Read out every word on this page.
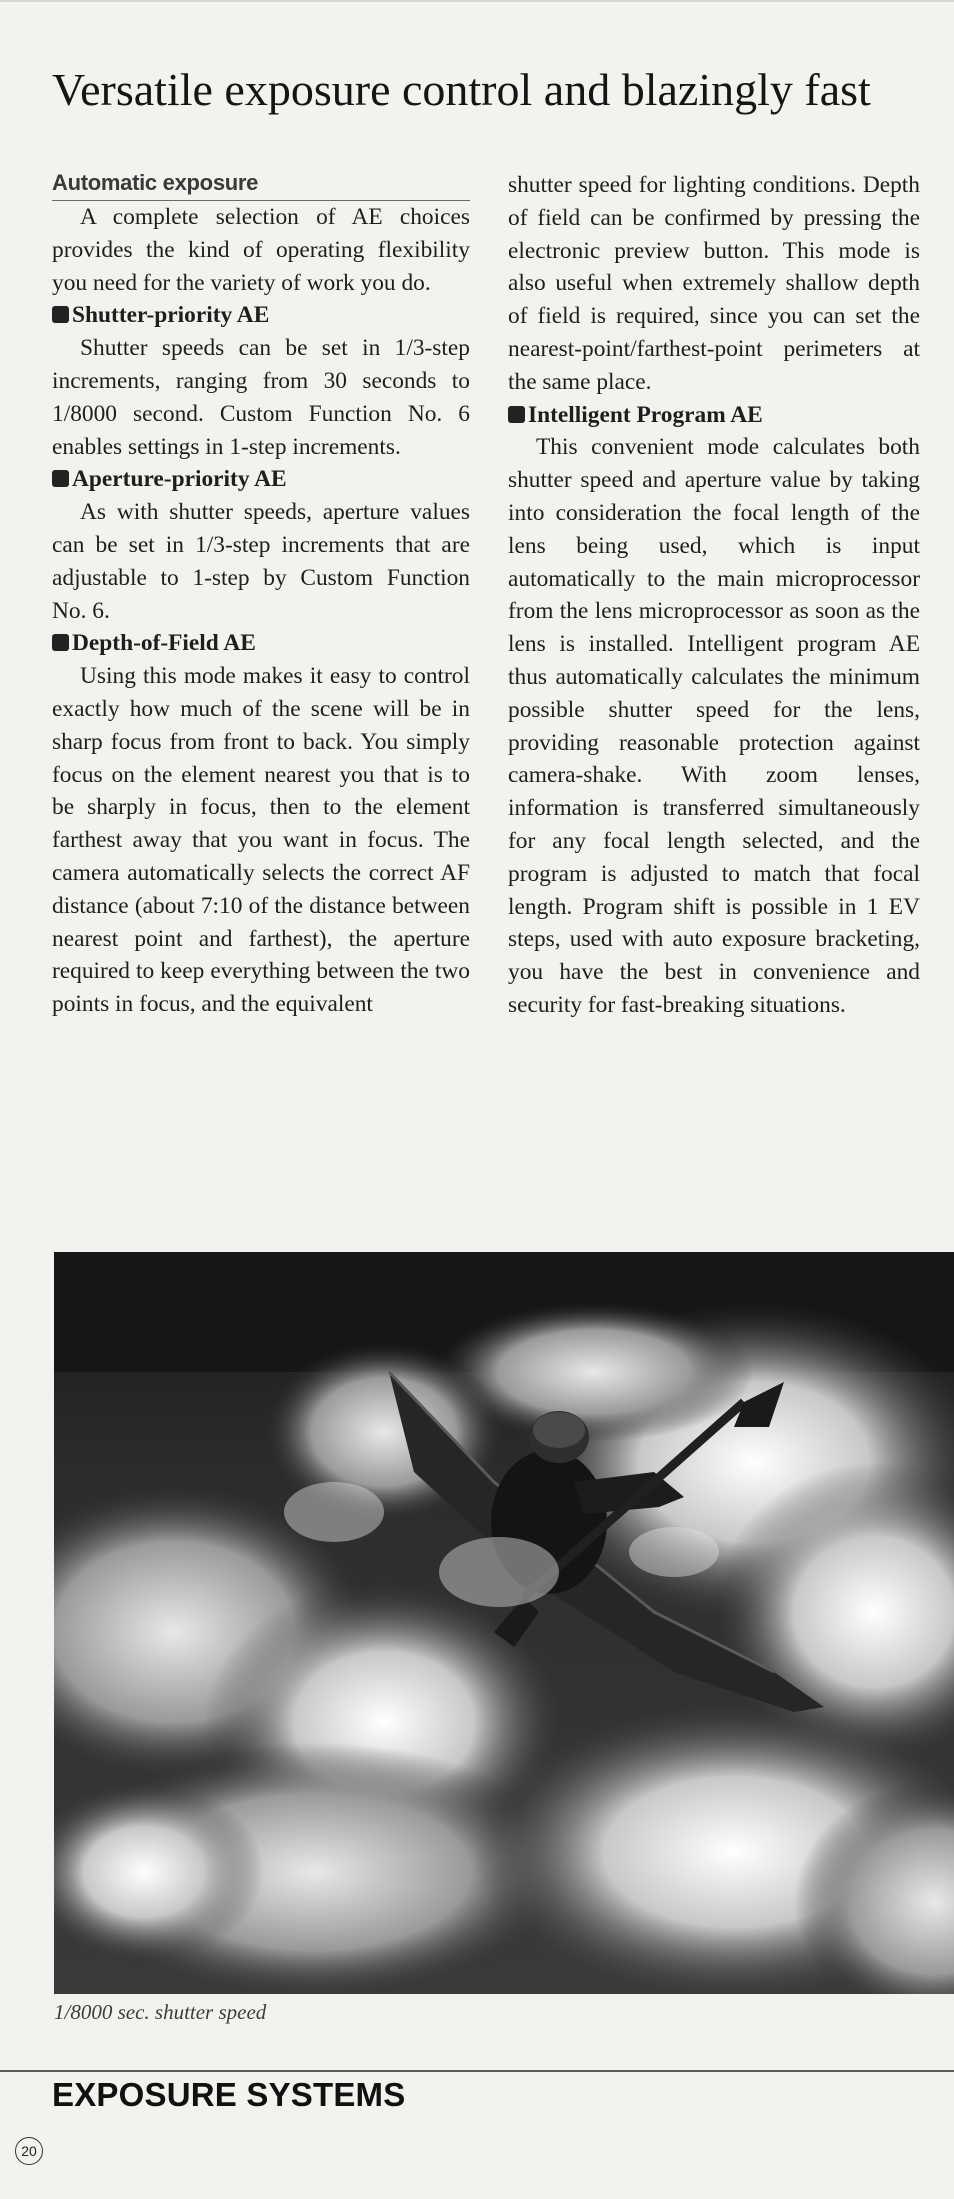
Versatile exposure control and blazingly fast
Automatic exposure

A complete selection of AE choices provides the kind of operating flexibility you need for the variety of work you do.

Shutter-priority AE

Shutter speeds can be set in 1/3-step increments, ranging from 30 seconds to 1/8000 second. Custom Function No. 6 enables settings in 1-step increments.

Aperture-priority AE

As with shutter speeds, aperture values can be set in 1/3-step increments that are adjustable to 1-step by Custom Function No. 6.

Depth-of-Field AE

Using this mode makes it easy to control exactly how much of the scene will be in sharp focus from front to back. You simply focus on the element nearest you that is to be sharply in focus, then to the element farthest away that you want in focus. The camera automatically selects the correct AF distance (about 7:10 of the distance between nearest point and farthest), the aperture required to keep everything between the two points in focus, and the equivalent

shutter speed for lighting conditions. Depth of field can be confirmed by pressing the electronic preview button. This mode is also useful when extremely shallow depth of field is required, since you can set the nearest-point/farthest-point perimeters at the same place.

Intelligent Program AE

This convenient mode calculates both shutter speed and aperture value by taking into consideration the focal length of the lens being used, which is input automatically to the main microprocessor from the lens microprocessor as soon as the lens is installed. Intelligent program AE thus automatically calculates the minimum possible shutter speed for the lens, providing reasonable protection against camera-shake. With zoom lenses, information is transferred simultaneously for any focal length selected, and the program is adjusted to match that focal length. Program shift is possible in 1 EV steps, used with auto exposure bracketing, you have the best in convenience and security for fast-breaking situations.

1/8000 sec. shutter speed
EXPOSURE SYSTEMS
20
